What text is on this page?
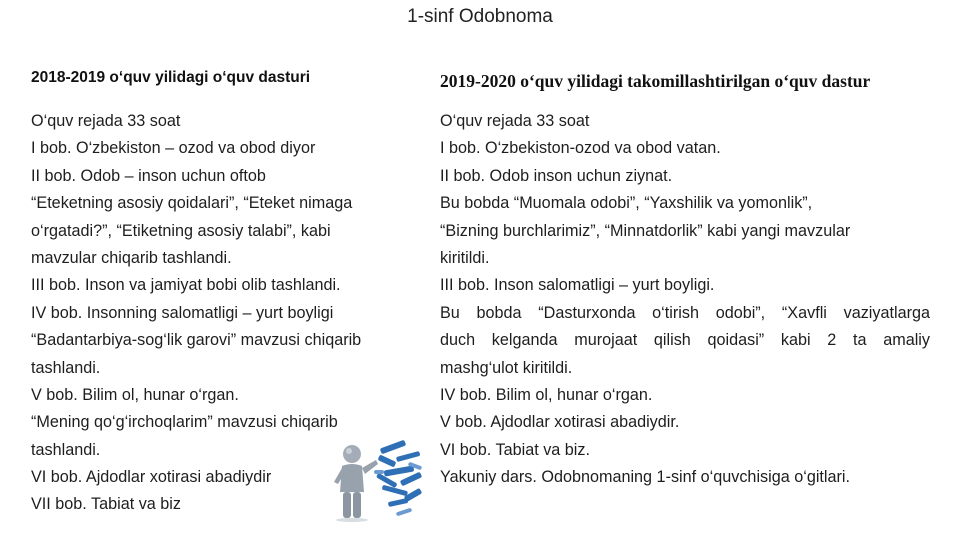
1-sinf Odobnoma
2018-2019 o‘quv yilidagi o‘quv dasturi
O‘quv rejada 33 soat
I bob. O‘zbekiston – ozod va obod diyor
II bob. Odob – inson uchun oftob
“Eteketning asosiy qoidalari”, “Eteket nimaga
o‘rgatadi?”, “Etiketning asosiy talabi”, kabi
mavzular chiqarib tashlandi.
III bob. Inson va jamiyat bobi olib tashlandi.
IV bob. Insonning salomatligi – yurt boyligi
“Badantarbiya-sog‘lik garovi” mavzusi chiqarib
tashlandi.
V bob. Bilim ol, hunar o‘rgan.
“Mening qo‘g‘irchoqlarim” mavzusi chiqarib
tashlandi.
VI bob. Ajdodlar xotirasi abadiydir
VII bob. Tabiat va biz
2019-2020 o‘quv yilidagi takomillashtirilgan o‘quv dastur
O‘quv rejada 33 soat
I bob. O‘zbekiston-ozod va obod vatan.
II bob. Odob inson uchun ziynat.
Bu bobda “Muomala odobi”, “Yaxshilik va yomonlik”,
“Bizning burchlarimiz”, “Minnatdorlik” kabi yangi mavzular
kiritildi.
III bob. Inson salomatligi – yurt boyligi.
Bu bobda “Dasturxonda o‘tirish odobi”, “Xavfli vaziyatlarga
duch kelganda murojaat qilish qoidasi” kabi 2 ta amaliy
mashg‘ulot kiritildi.
IV bob. Bilim ol, hunar o‘rgan.
V bob. Ajdodlar xotirasi abadiydir.
VI bob. Tabiat va biz.
Yakuniy dars. Odobnomaning 1-sinf o‘quvchisiga o‘gitlari.
